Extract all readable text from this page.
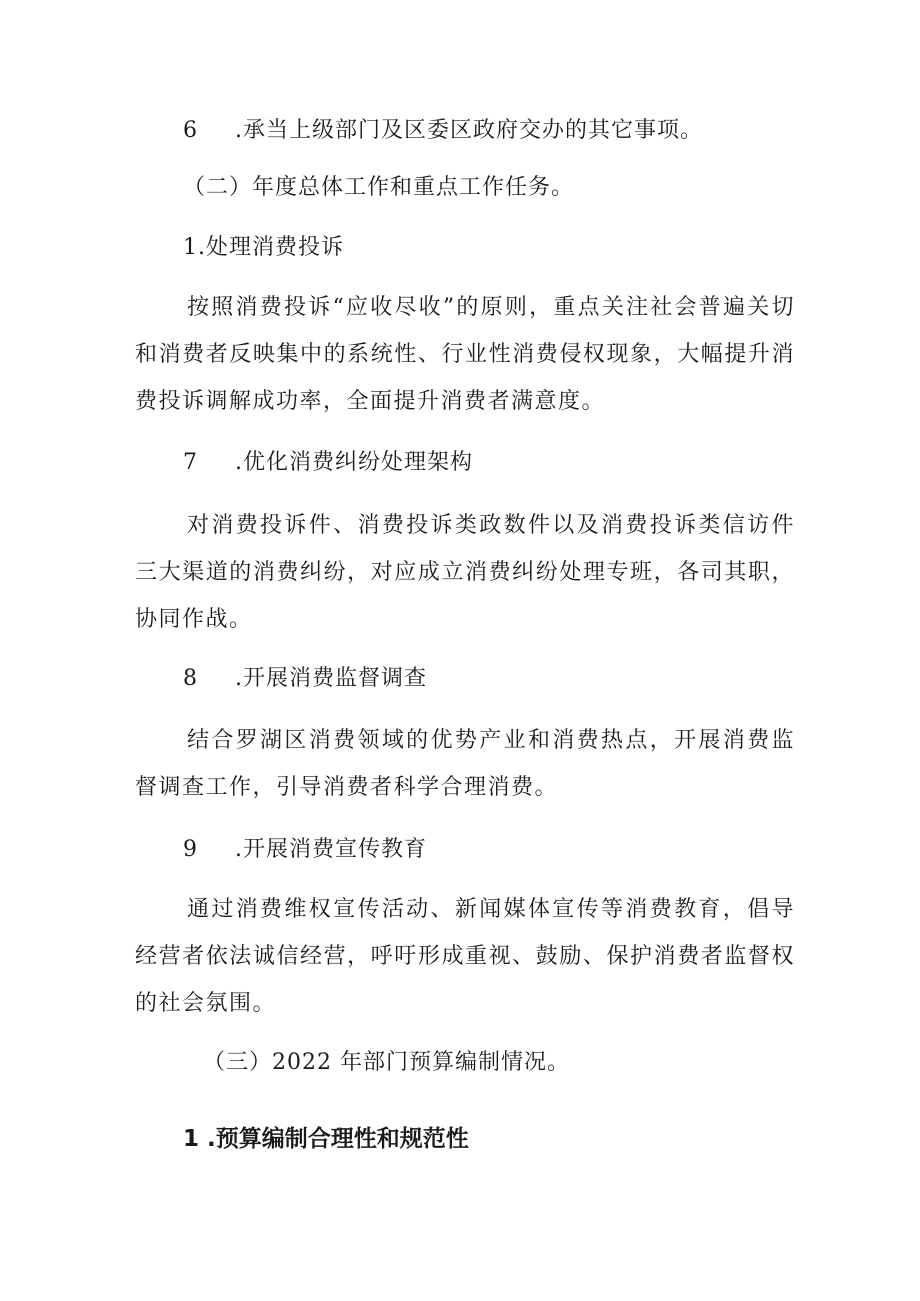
6 .承当上级部门及区委区政府交办的其它事项。
（二）年度总体工作和重点工作任务。
1.处理消费投诉
按照消费投诉“应收尽收”的原则，重点关注社会普遍关切和消费者反映集中的系统性、行业性消费侵权现象，大幅提升消费投诉调解成功率，全面提升消费者满意度。
7 .优化消费纠纷处理架构
对消费投诉件、消费投诉类政数件以及消费投诉类信访件三大渠道的消费纠纷，对应成立消费纠纷处理专班，各司其职，协同作战。
8 .开展消费监督调查
结合罗湖区消费领域的优势产业和消费热点，开展消费监督调查工作，引导消费者科学合理消费。
9 .开展消费宣传教育
通过消费维权宣传活动、新闻媒体宣传等消费教育，倡导经营者依法诚信经营，呼吁形成重视、鼓励、保护消费者监督权的社会氛围。
（三）2022 年部门预算编制情况。
1 .预算编制合理性和规范性
